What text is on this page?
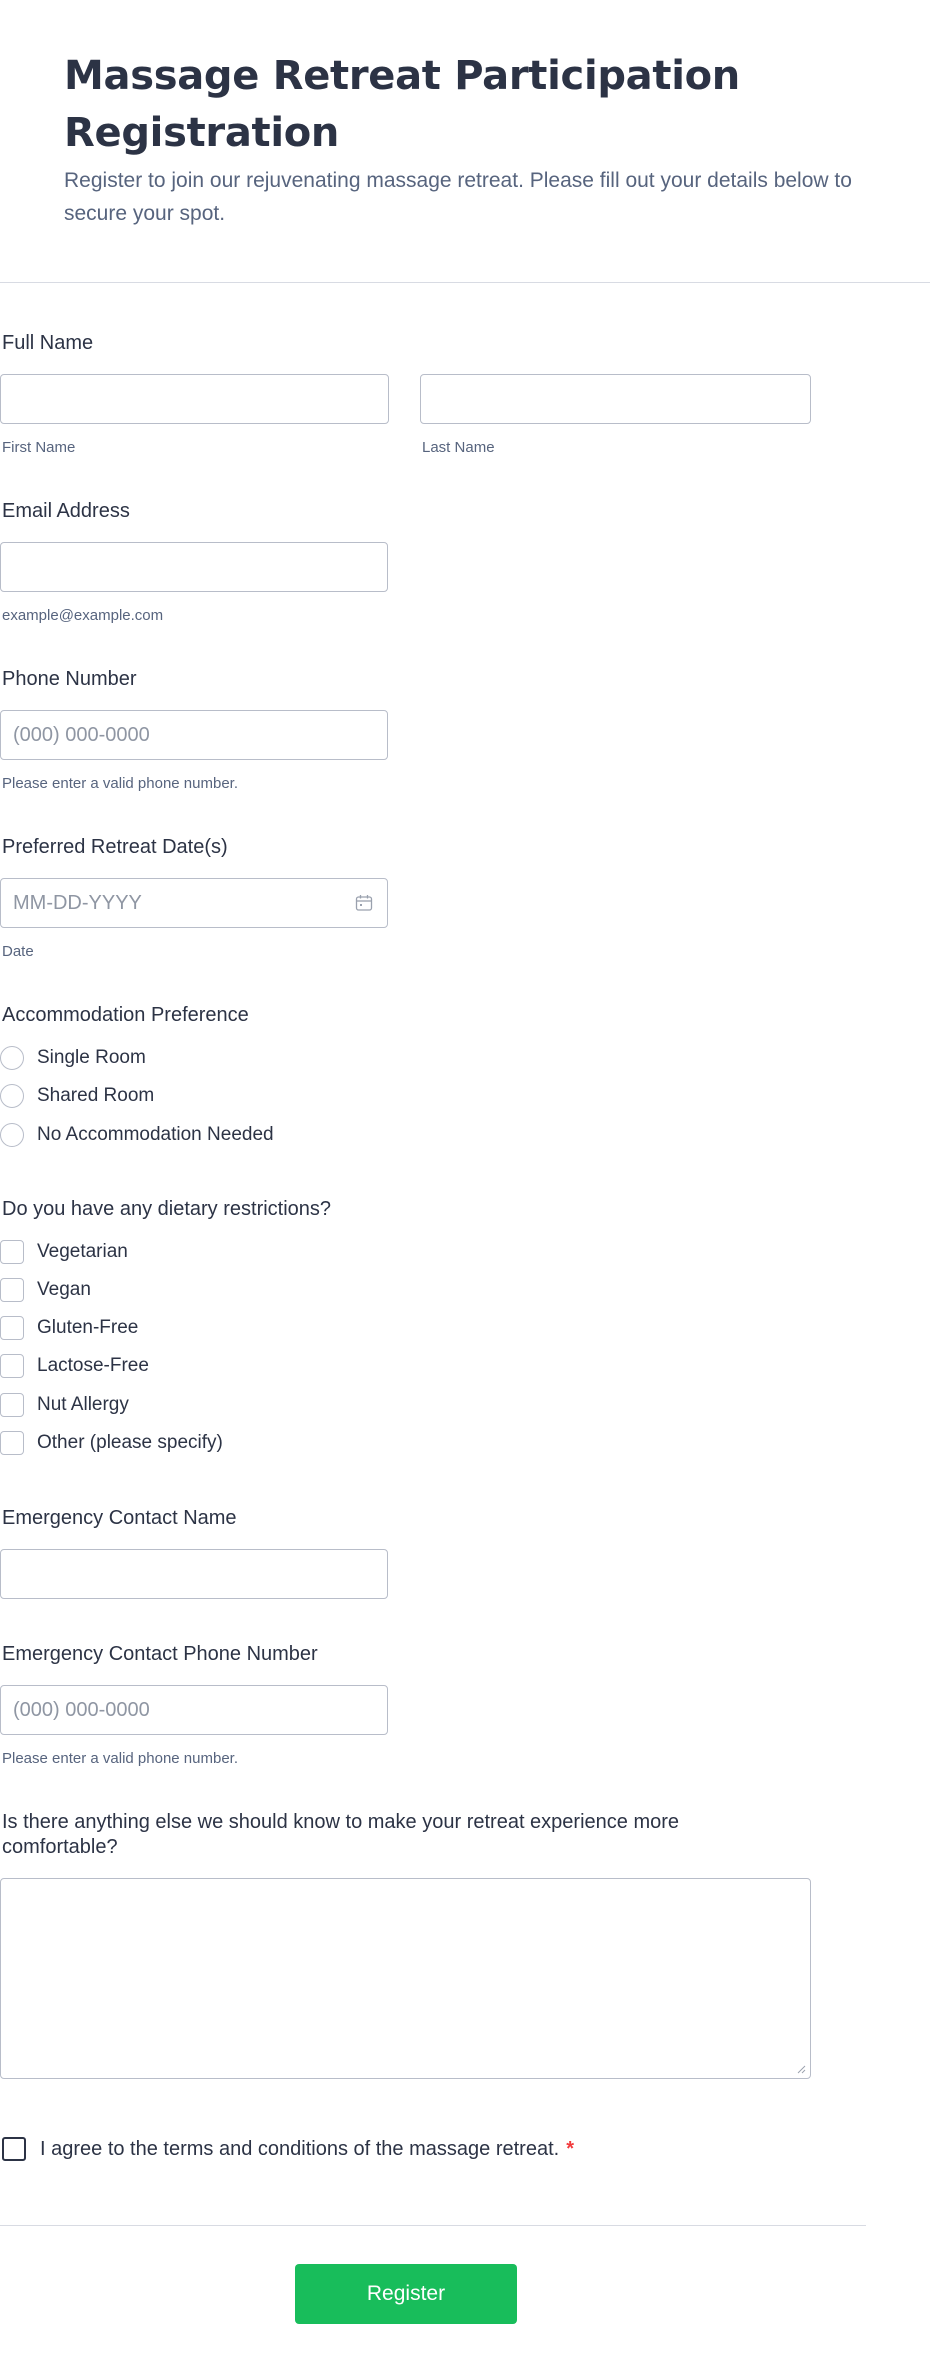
Massage Retreat Participation Registration

Register to join our rejuvenating massage retreat. Please fill out your details below to secure your spot.

Full Name
First Name	Last Name
Email Address
example@example.com
Phone Number
(000) 000-0000
Please enter a valid phone number.
Preferred Retreat Date(s)
MM-DD-YYYY
Date
Accommodation Preference
Single Room
Shared Room
No Accommodation Needed
Do you have any dietary restrictions?
Vegetarian
Vegan
Gluten-Free
Lactose-Free
Nut Allergy
Other (please specify)
Emergency Contact Name
Emergency Contact Phone Number
(000) 000-0000
Please enter a valid phone number.
Is there anything else we should know to make your retreat experience more comfortable?
I agree to the terms and conditions of the massage retreat. *
Register
